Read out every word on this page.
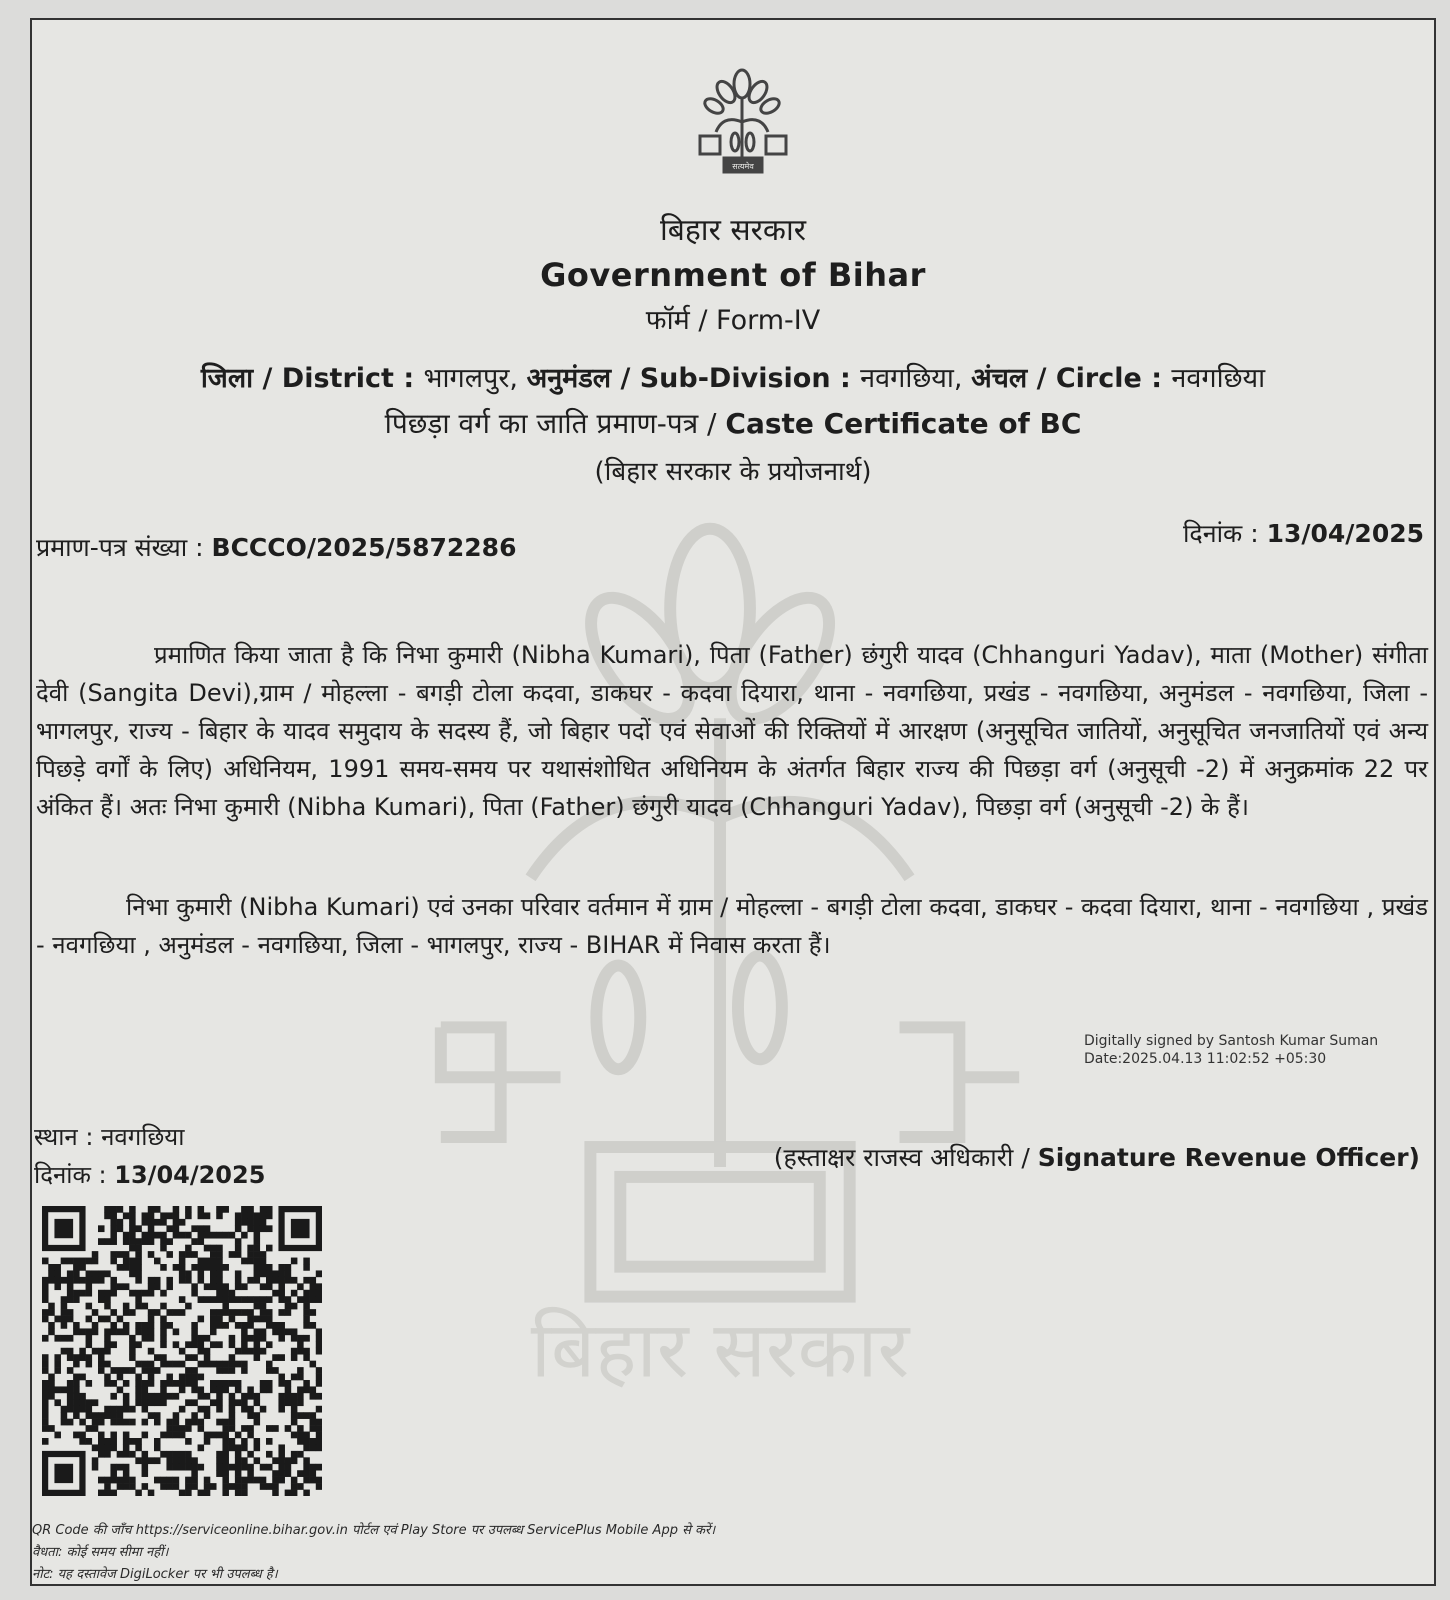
बिहार सरकार
सत्यमेव
बिहार सरकार
Government of Bihar
फॉर्म / Form-IV
जिला / District : भागलपुर, अनुमंडल / Sub-Division : नवगछिया, अंचल / Circle : नवगछिया
पिछड़ा वर्ग का जाति प्रमाण-पत्र / Caste Certificate of BC
(बिहार सरकार के प्रयोजनार्थ)
प्रमाण-पत्र संख्या : BCCCO/2025/5872286	दिनांक : 13/04/2025
प्रमाणित किया जाता है कि निभा कुमारी (Nibha Kumari), पिता (Father) छंगुरी यादव (Chhanguri Yadav), माता (Mother) संगीता देवी (Sangita Devi),ग्राम / मोहल्ला - बगड़ी टोला कदवा, डाकघर - कदवा दियारा, थाना - नवगछिया, प्रखंड - नवगछिया, अनुमंडल - नवगछिया, जिला - भागलपुर, राज्य - बिहार के यादव समुदाय के सदस्य हैं, जो बिहार पदों एवं सेवाओं की रिक्तियों में आरक्षण (अनुसूचित जातियों, अनुसूचित जनजातियों एवं अन्य पिछड़े वर्गों के लिए) अधिनियम, 1991 समय-समय पर यथासंशोधित अधिनियम के अंतर्गत बिहार राज्य की पिछड़ा वर्ग (अनुसूची -2) में अनुक्रमांक 22 पर अंकित हैं। अतः निभा कुमारी (Nibha Kumari), पिता (Father) छंगुरी यादव (Chhanguri Yadav), पिछड़ा वर्ग (अनुसूची -2) के हैं।
निभा कुमारी (Nibha Kumari) एवं उनका परिवार वर्तमान में ग्राम / मोहल्ला - बगड़ी टोला कदवा, डाकघर - कदवा दियारा, थाना - नवगछिया , प्रखंड - नवगछिया , अनुमंडल - नवगछिया, जिला - भागलपुर, राज्य - BIHAR में निवास करता हैं।
Digitally signed by Santosh Kumar Suman
Date:2025.04.13 11:02:52 +05:30
स्थान : नवगछिया
दिनांक : 13/04/2025
(हस्ताक्षर राजस्व अधिकारी / Signature Revenue Officer)
QR Code की जाँच https://serviceonline.bihar.gov.in पोर्टल एवं Play Store पर उपलब्ध ServicePlus Mobile App से करें।
वैधता: कोई समय सीमा नहीं।
नोट: यह दस्तावेज DigiLocker पर भी उपलब्ध है।
